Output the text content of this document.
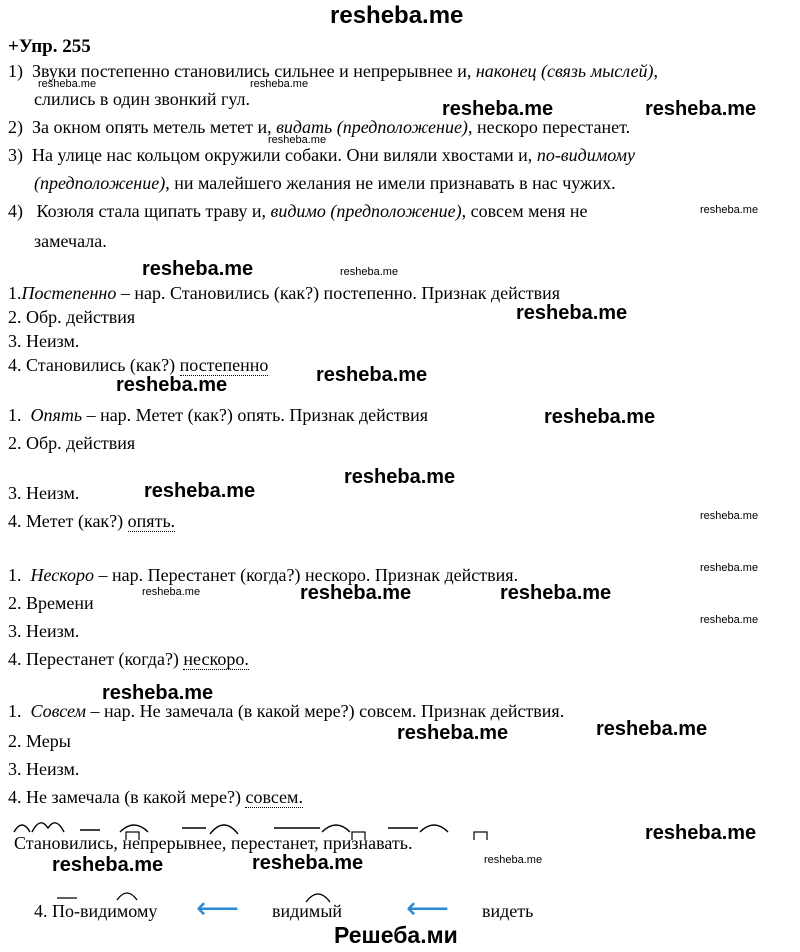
resheba.me
Решеба.ми
+Упр. 255
1) Звуки постепенно становились сильнее и непрерывнее и, наконец (связь мыслей),
слились в один звонкий гул.
2) За окном опять метель метет и, видать (предположение), нескоро перестанет.
3) На улице нас кольцом окружили собаки. Они виляли хвостами и, по-видимому
(предположение), ни малейшего желания не имели признавать в нас чужих.
4) Козюля стала щипать траву и, видимо (предположение), совсем меня не
замечала.
1.Постепенно – нар. Становились (как?) постепенно. Признак действия
2. Обр. действия
3. Неизм.
4. Становились (как?) постепенно
1. Опять – нар. Метет (как?) опять. Признак действия
2. Обр. действия
3. Неизм.
4. Метет (как?) опять.
1. Нескоро – нар. Перестанет (когда?) нескоро. Признак действия.
2. Времени
3. Неизм.
4. Перестанет (когда?) нескоро.
1. Совсем – нар. Не замечала (в какой мере?) совсем. Признак действия.
2. Меры
3. Неизм.
4. Не замечала (в какой мере?) совсем.
Становились, непрерывнее, перестанет, признавать.
4. По-видимому ⟵ видимый ⟵ видеть
resheba.me	resheba.me
resheba.me
resheba.me	resheba.me
resheba.me
resheba.me	resheba.me
resheba.me
resheba.me
resheba.me
resheba.me
resheba.me
resheba.me
resheba.me
resheba.me
resheba.me	resheba.me	resheba.me
resheba.me
resheba.me
resheba.me
resheba.me
resheba.me
resheba.me	resheba.me	resheba.me
